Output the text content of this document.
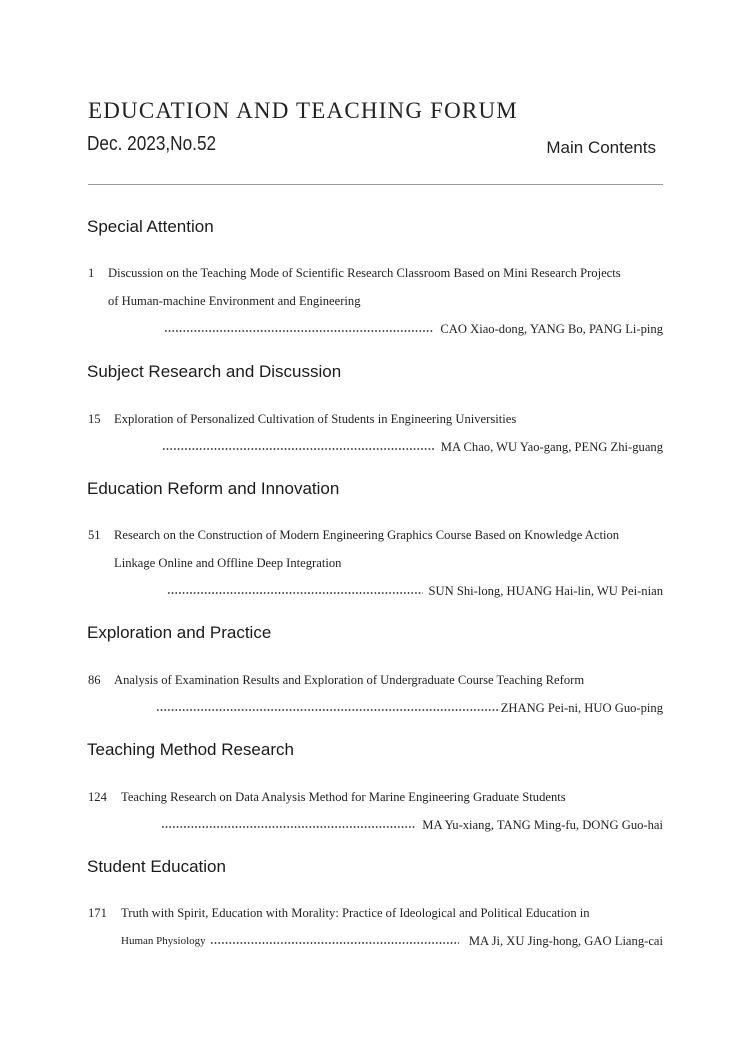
EDUCATION AND TEACHING FORUM
Dec. 2023,No.52	Main Contents
Special Attention
1 Discussion on the Teaching Mode of Scientific Research Classroom Based on Mini Research Projects
of Human-machine Environment and Engineering
CAO Xiao-dong, YANG Bo, PANG Li-ping
Subject Research and Discussion
15 Exploration of Personalized Cultivation of Students in Engineering Universities
MA Chao, WU Yao-gang, PENG Zhi-guang
Education Reform and Innovation
51 Research on the Construction of Modern Engineering Graphics Course Based on Knowledge Action
Linkage Online and Offline Deep Integration
SUN Shi-long, HUANG Hai-lin, WU Pei-nian
Exploration and Practice
86 Analysis of Examination Results and Exploration of Undergraduate Course Teaching Reform
ZHANG Pei-ni, HUO Guo-ping
Teaching Method Research
124 Teaching Research on Data Analysis Method for Marine Engineering Graduate Students
MA Yu-xiang, TANG Ming-fu, DONG Guo-hai
Student Education
171 Truth with Spirit, Education with Morality: Practice of Ideological and Political Education in
Human Physiology	MA Ji, XU Jing-hong, GAO Liang-cai
